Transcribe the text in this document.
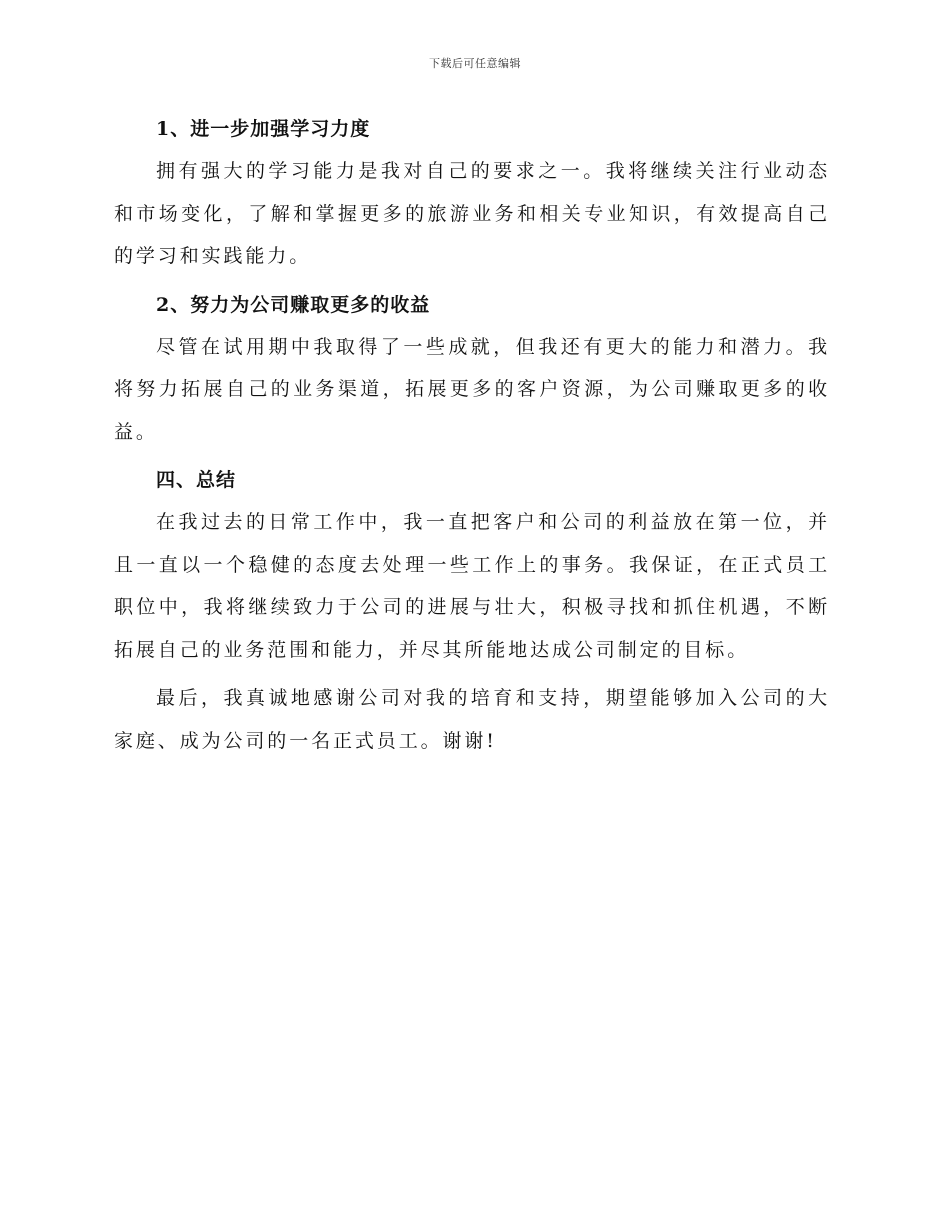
下载后可任意编辑
1、进一步加强学习力度

拥有强大的学习能力是我对自己的要求之一。我将继续关注行业动态和市场变化，了解和掌握更多的旅游业务和相关专业知识，有效提高自己的学习和实践能力。

2、努力为公司赚取更多的收益

尽管在试用期中我取得了一些成就，但我还有更大的能力和潜力。我将努力拓展自己的业务渠道，拓展更多的客户资源，为公司赚取更多的收益。

四、总结

在我过去的日常工作中，我一直把客户和公司的利益放在第一位，并且一直以一个稳健的态度去处理一些工作上的事务。我保证，在正式员工职位中，我将继续致力于公司的进展与壮大，积极寻找和抓住机遇，不断拓展自己的业务范围和能力，并尽其所能地达成公司制定的目标。

最后，我真诚地感谢公司对我的培育和支持，期望能够加入公司的大家庭、成为公司的一名正式员工。谢谢!
